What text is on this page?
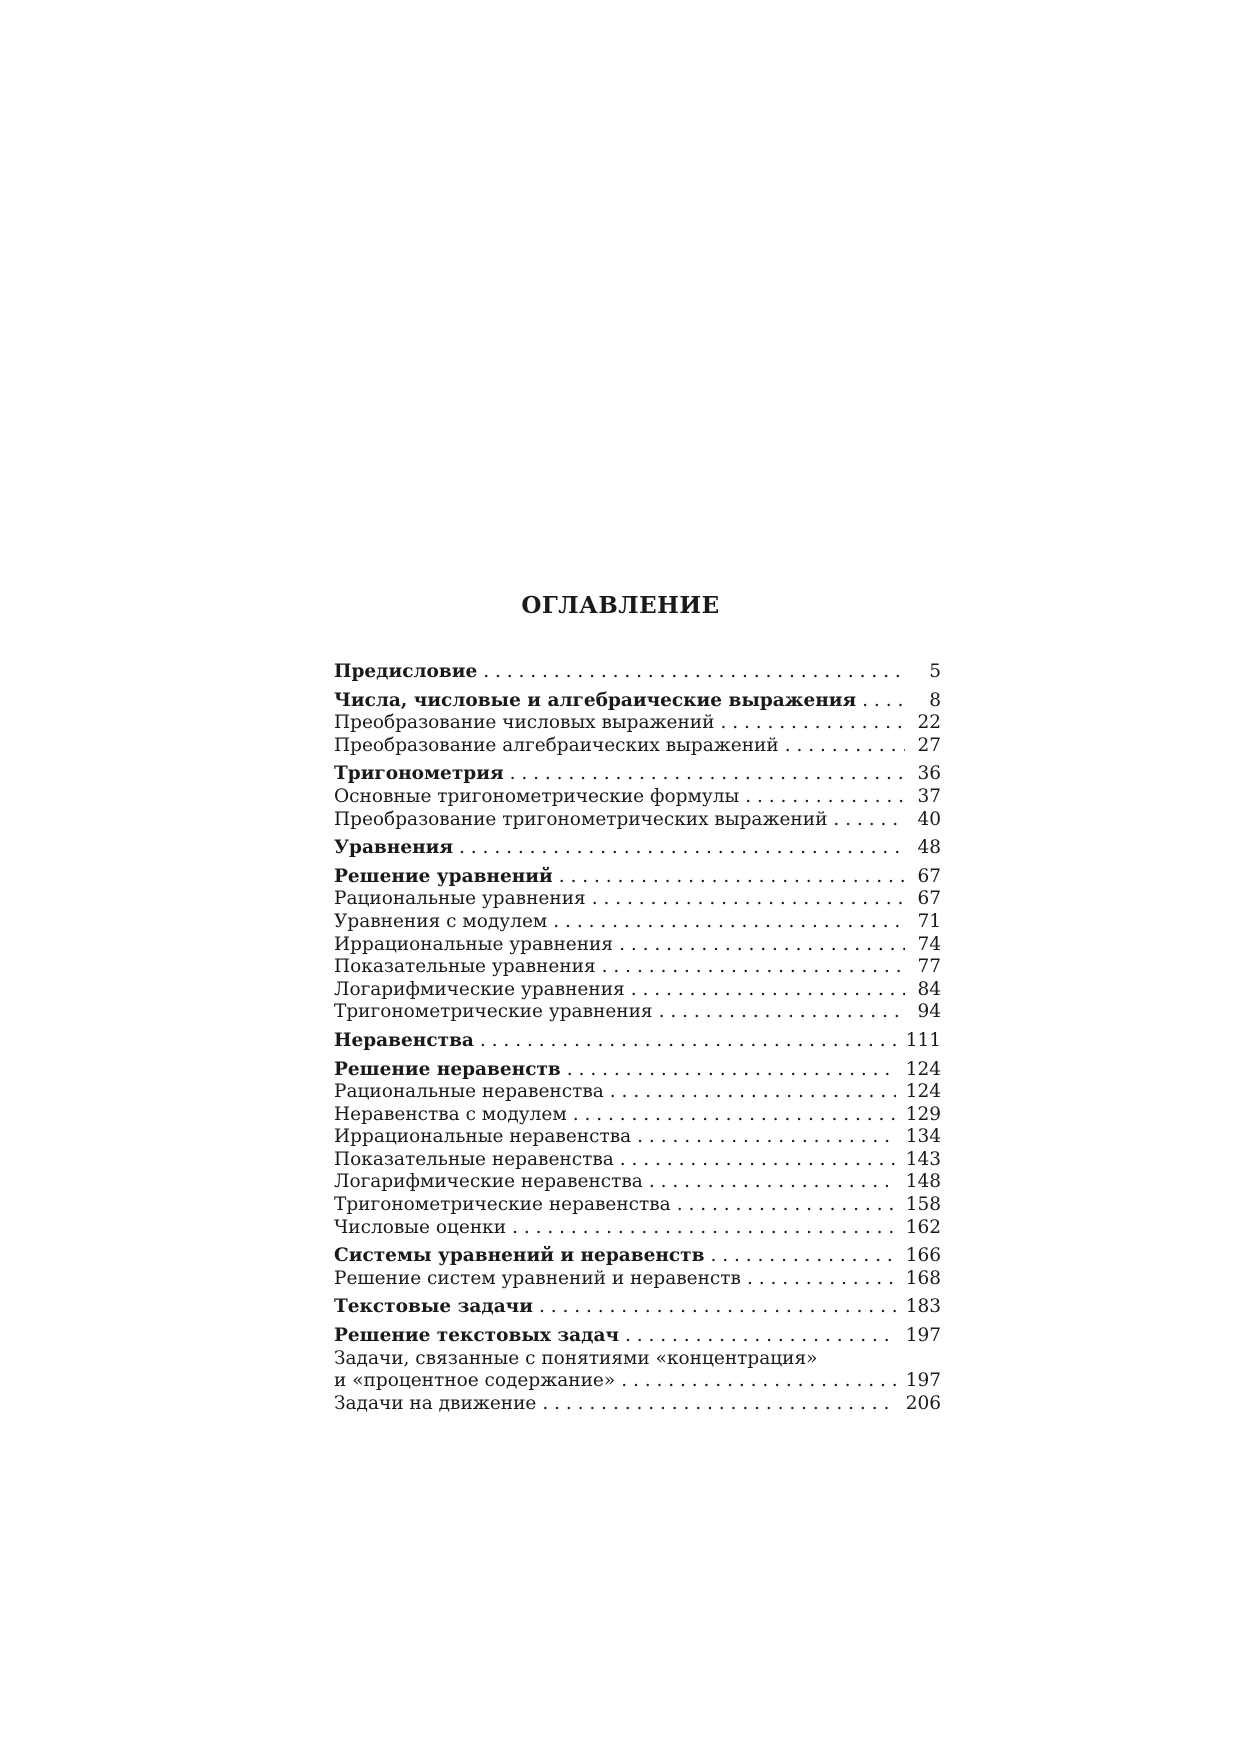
ОГЛАВЛЕНИЕ
Предисловие . . .	5
Числа, числовые и алгебраические выражения . . .	8
Преобразование числовых выражений . . .	22
Преобразование алгебраических выражений . . .	27
Тригонометрия . . .	36
Основные тригонометрические формулы . . .	37
Преобразование тригонометрических выражений . . .	40
Уравнения . . .	48
Решение уравнений . . .	67
Рациональные уравнения . . .	67
Уравнения с модулем . . .	71
Иррациональные уравнения . . .	74
Показательные уравнения . . .	77
Логарифмические уравнения . . .	84
Тригонометрические уравнения . . .	94
Неравенства . . .	111
Решение неравенств . . .	124
Рациональные неравенства . . .	124
Неравенства с модулем . . .	129
Иррациональные неравенства . . .	134
Показательные неравенства . . .	143
Логарифмические неравенства . . .	148
Тригонометрические неравенства . . .	158
Числовые оценки . . .	162
Системы уравнений и неравенств . . .	166
Решение систем уравнений и неравенств . . .	168
Текстовые задачи . . .	183
Решение текстовых задач . . .	197
Задачи, связанные с понятиями «концентрация»
и «процентное содержание» . . .	197
Задачи на движение . . .	206
